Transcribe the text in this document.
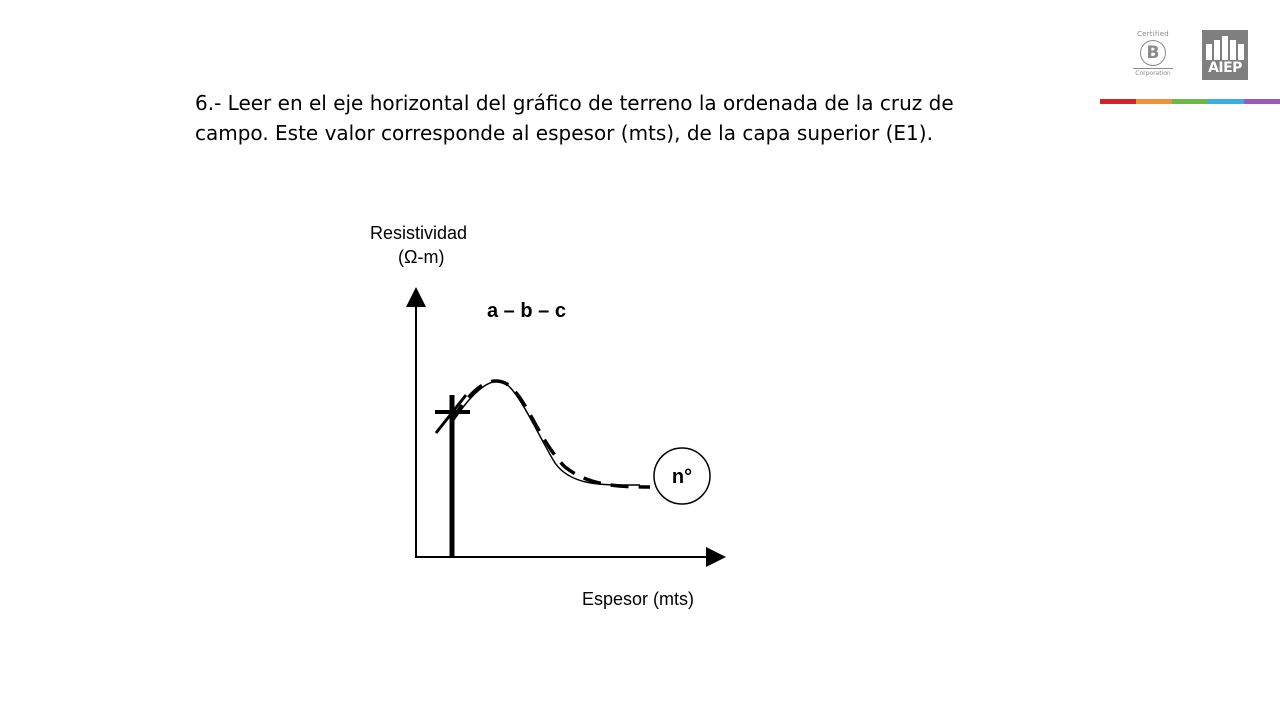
6.- Leer en el eje horizontal del gráfico de terreno la ordenada de la cruz de

campo. Este valor corresponde al espesor (mts), de la capa superior (E1).

Certified
B
Corporation	AIEP
Resistividad
(Ω-m)
a – b – c
n°
Espesor (mts)
